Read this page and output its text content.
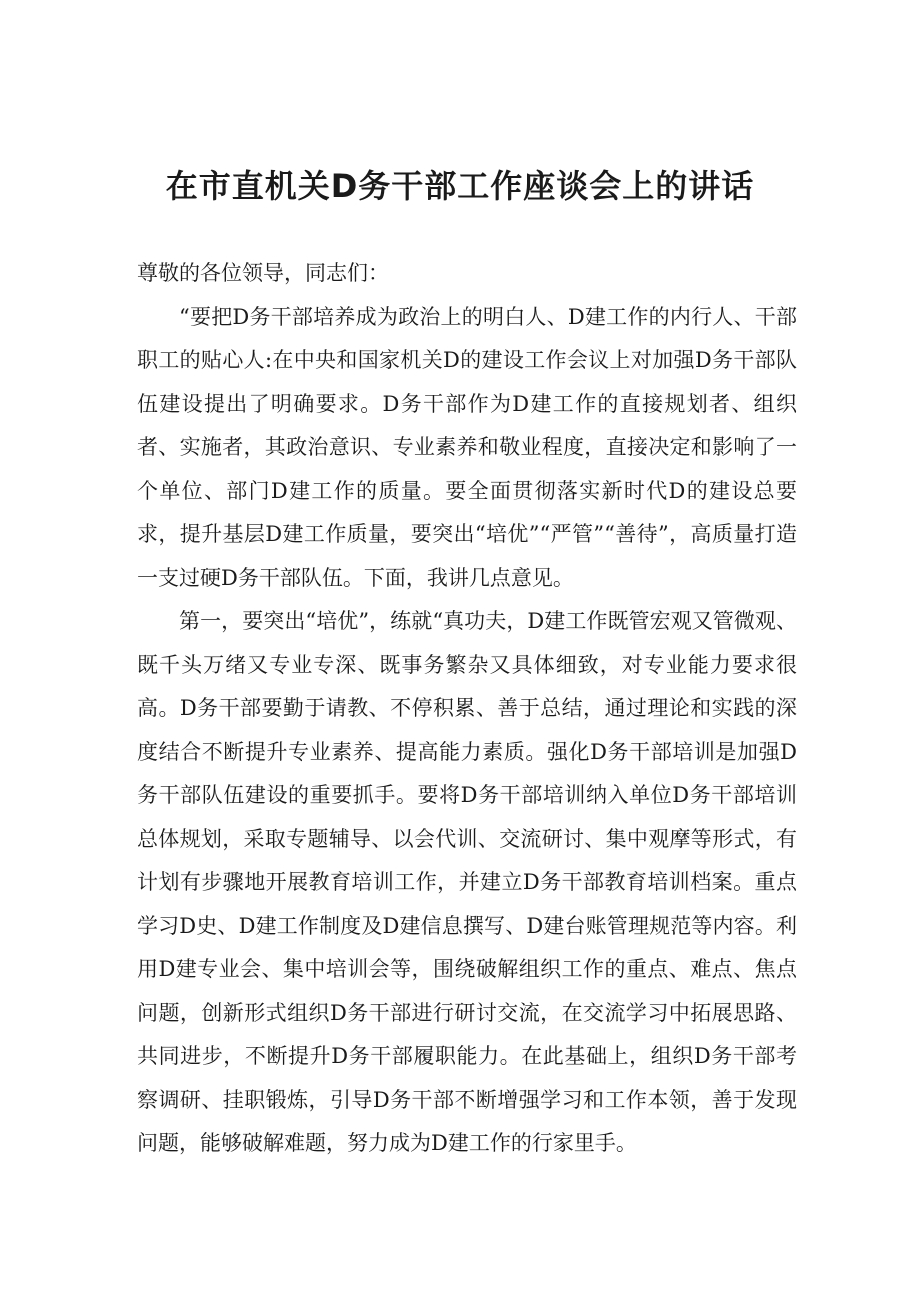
在市直机关D务干部工作座谈会上的讲话

尊敬的各位领导，同志们：

“要把D务干部培养成为政治上的明白人、D建工作的内行人、干部职工的贴心人:在中央和国家机关D的建设工作会议上对加强D务干部队伍建设提出了明确要求。D务干部作为D建工作的直接规划者、组织者、实施者，其政治意识、专业素养和敬业程度，直接决定和影响了一个单位、部门D建工作的质量。要全面贯彻落实新时代D的建设总要求，提升基层D建工作质量，要突出“培优”“严管”“善待”，高质量打造一支过硬D务干部队伍。下面，我讲几点意见。

第一，要突出“培优”，练就“真功夫，D建工作既管宏观又管微观、既千头万绪又专业专深、既事务繁杂又具体细致，对专业能力要求很高。D务干部要勤于请教、不停积累、善于总结，通过理论和实践的深度结合不断提升专业素养、提高能力素质。强化D务干部培训是加强D务干部队伍建设的重要抓手。要将D务干部培训纳入单位D务干部培训总体规划，采取专题辅导、以会代训、交流研讨、集中观摩等形式，有计划有步骤地开展教育培训工作，并建立D务干部教育培训档案。重点学习D史、D建工作制度及D建信息撰写、D建台账管理规范等内容。利用D建专业会、集中培训会等，围绕破解组织工作的重点、难点、焦点问题，创新形式组织D务干部进行研讨交流，在交流学习中拓展思路、共同进步，不断提升D务干部履职能力。在此基础上，组织D务干部考察调研、挂职锻炼，引导D务干部不断增强学习和工作本领，善于发现问题，能够破解难题，努力成为D建工作的行家里手。
